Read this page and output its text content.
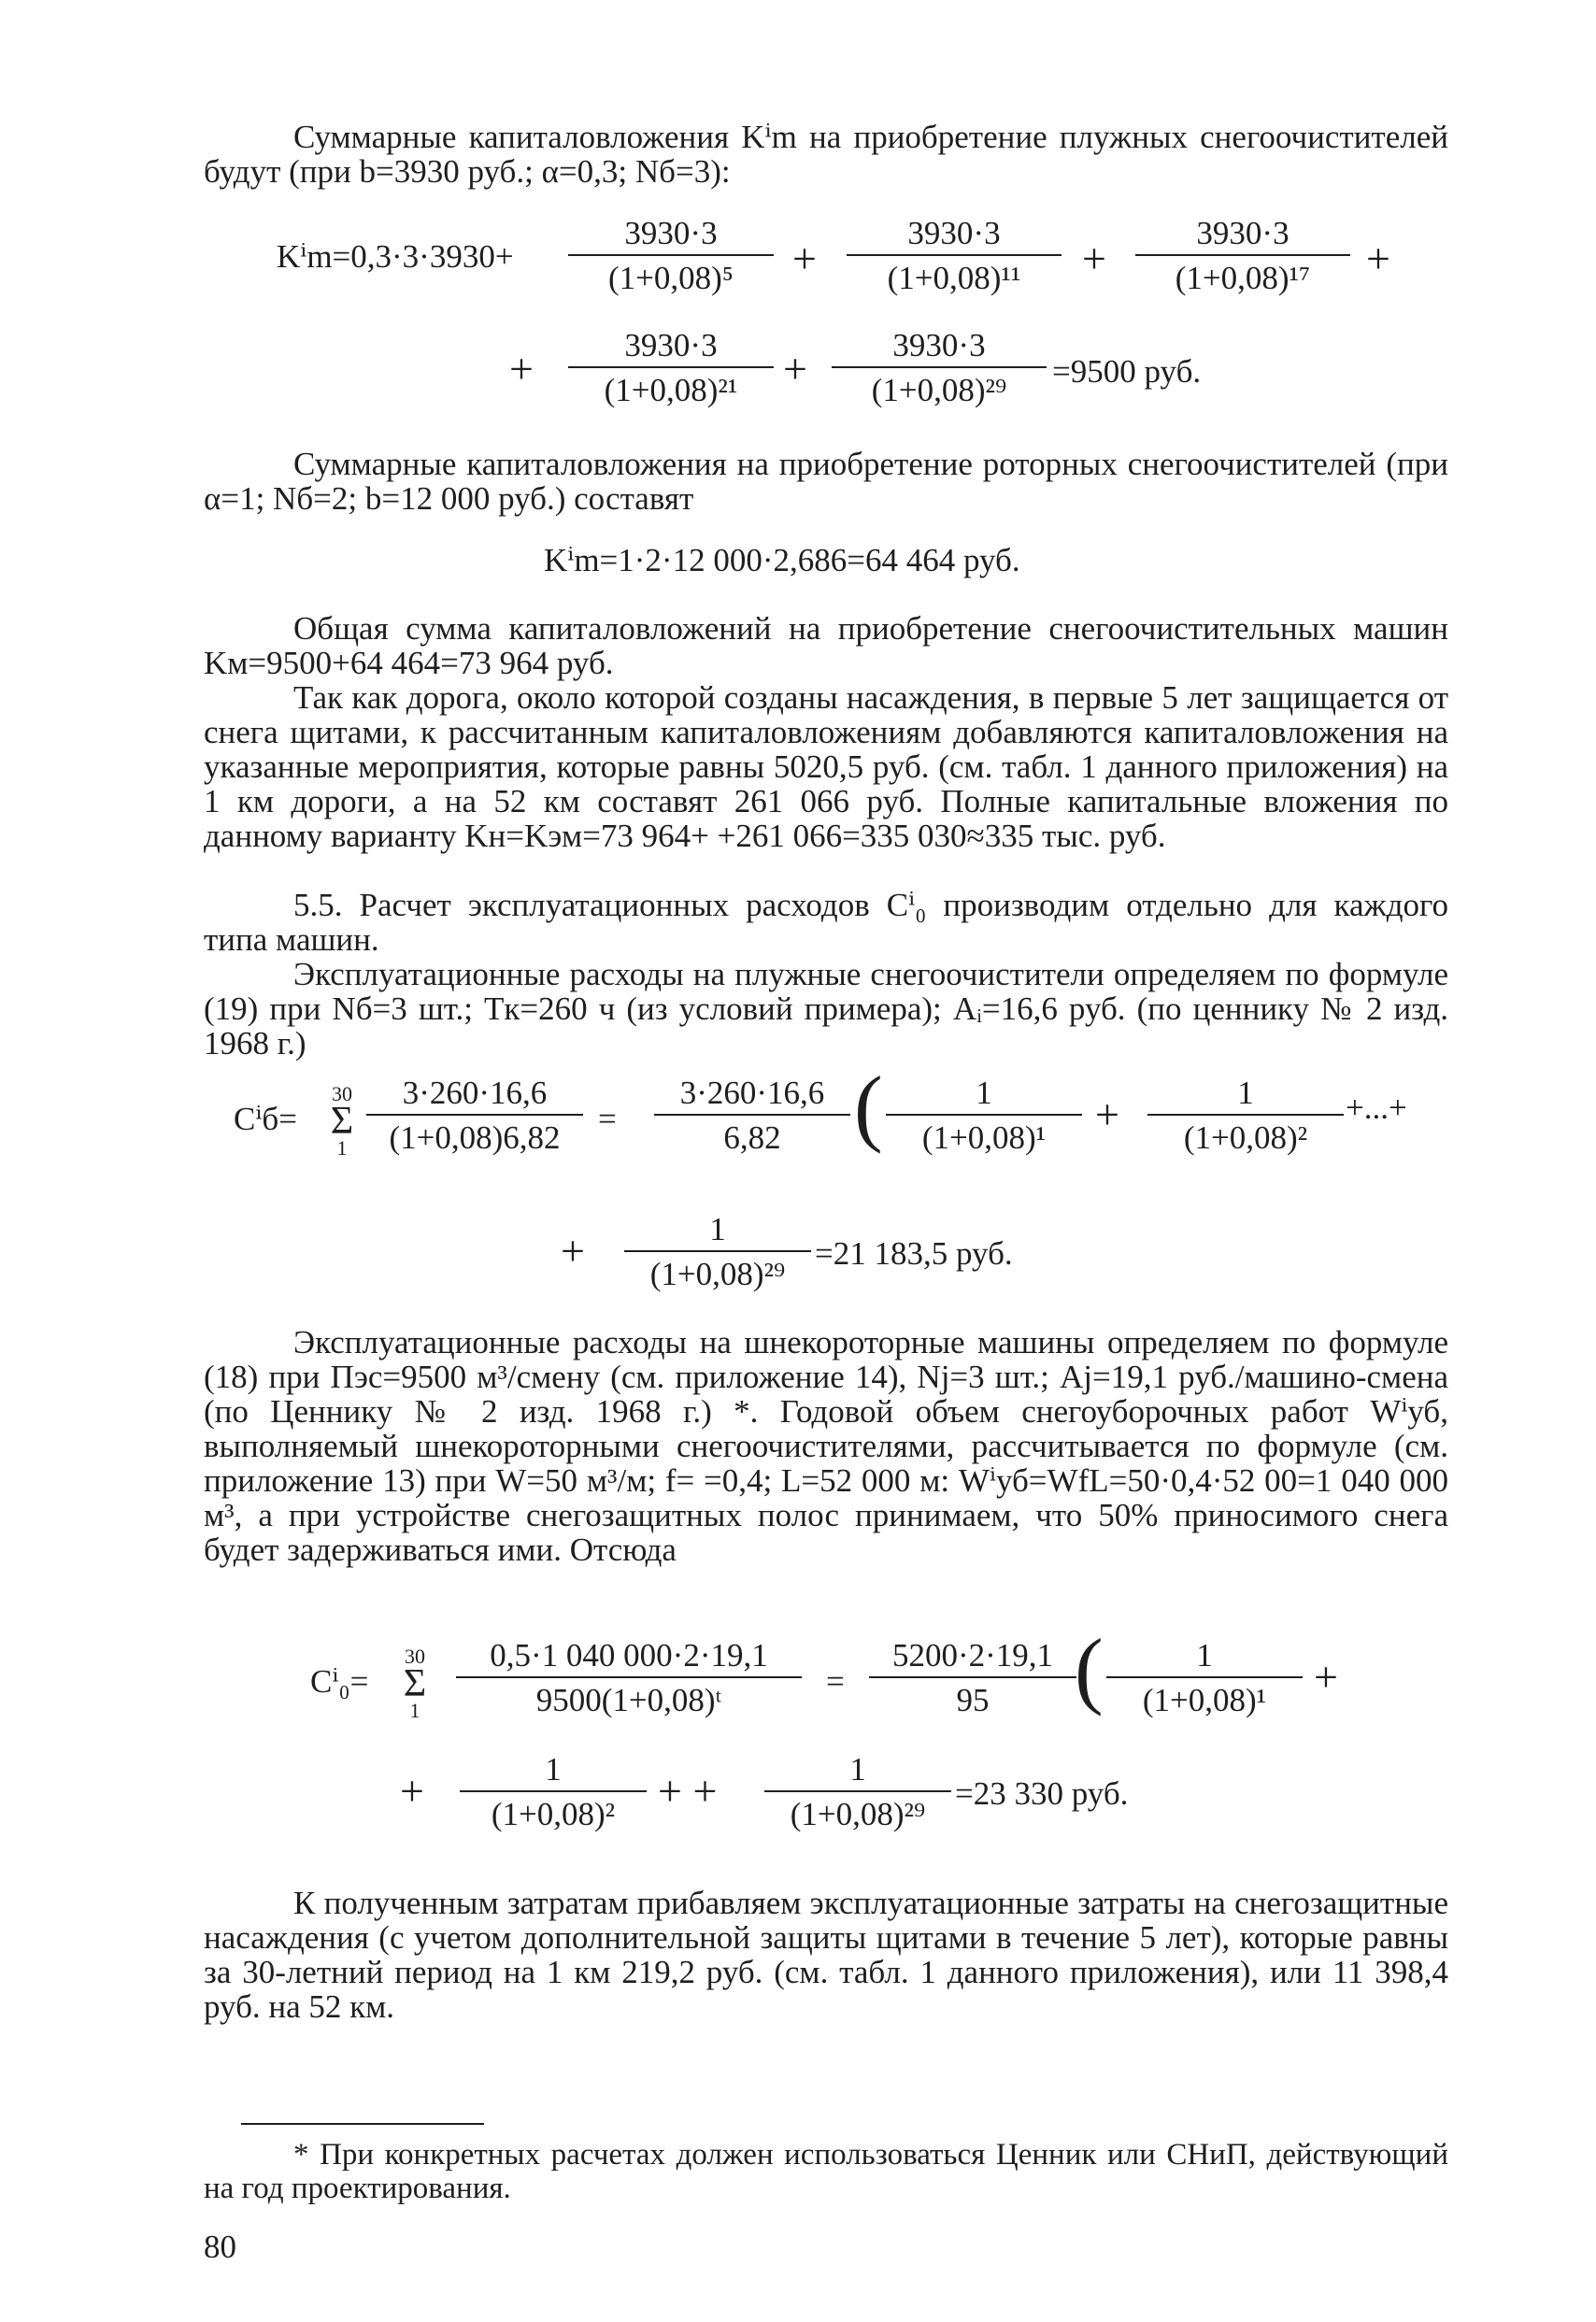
Суммарные капиталовложения Kⁱm на приобретение плужных снегоочистителей будут (при b=3930 руб.; α=0,3; Nб=3):
Kⁱm=0,3·3·3930+
3930·3
(1+0,08)⁵	+
3930·3
(1+0,08)¹¹	+
3930·3
(1+0,08)¹⁷	+
+	3930·3
(1+0,08)²¹	+	3930·3
(1+0,08)²⁹
=9500 руб.
Суммарные капиталовложения на приобретение роторных снегоочистителей (при α=1; Nб=2; b=12 000 руб.) составят
Kⁱm=1·2·12 000·2,686=64 464 руб.
Общая сумма капиталовложений на приобретение снегоочистительных машин Kм=9500+64 464=73 964 руб.
Так как дорога, около которой созданы насаждения, в первые 5 лет защищается от снега щитами, к рассчитанным капиталовложениям добавляются капиталовложения на указанные мероприятия, которые равны 5020,5 руб. (см. табл. 1 данного приложения) на 1 км дороги, а на 52 км составят 261 066 руб. Полные капитальные вложения по данному варианту Kн=Kэм=73 964+ +261 066=335 030≈335 тыс. руб.
5.5. Расчет эксплуатационных расходов Cⁱ₀ производим отдельно для каждого типа машин.
Эксплуатационные расходы на плужные снегоочистители определяем по формуле (19) при Nб=3 шт.; Tк=260 ч (из условий примера); Aᵢ=16,6 руб. (по ценнику № 2 изд. 1968 г.)
Cⁱб=
30
Σ
1
3·260·16,6
(1+0,08)6,82
=
3·260·16,6
6,82 (	1
(1+0,08)¹	+	1
(1+0,08)²
+...+
+	1
(1+0,08)²⁹
=21 183,5 руб.
Эксплуатационные расходы на шнекороторные машины определяем по формуле (18) при Пэс=9500 м³/смену (см. приложение 14), Nj=3 шт.; Aj=19,1 руб./машино-смена (по Ценнику № 2 изд. 1968 г.) *. Годовой объем снегоуборочных работ Wⁱуб, выполняемый шнекороторными снегоочистителями, рассчитывается по формуле (см. приложение 13) при W=50 м³/м; f= =0,4; L=52 000 м: Wⁱуб=WfL=50·0,4·52 00=1 040 000 м³, а при устройстве снегозащитных полос принимаем, что 50% приносимого снега будет задерживаться ими. Отсюда
Cⁱ₀=
30
Σ
1
0,5·1 040 000·2·19,1
9500(1+0,08)ᵗ
=
5200·2·19,1
95 (	1
(1+0,08)¹	+
+	1
(1+0,08)² + +	1
(1+0,08)²⁹
=23 330 руб.
К полученным затратам прибавляем эксплуатационные затраты на снегозащитные насаждения (с учетом дополнительной защиты щитами в течение 5 лет), которые равны за 30-летний период на 1 км 219,2 руб. (см. табл. 1 данного приложения), или 11 398,4 руб. на 52 км.
* При конкретных расчетах должен использоваться Ценник или СНиП, действующий на год проектирования.
80
